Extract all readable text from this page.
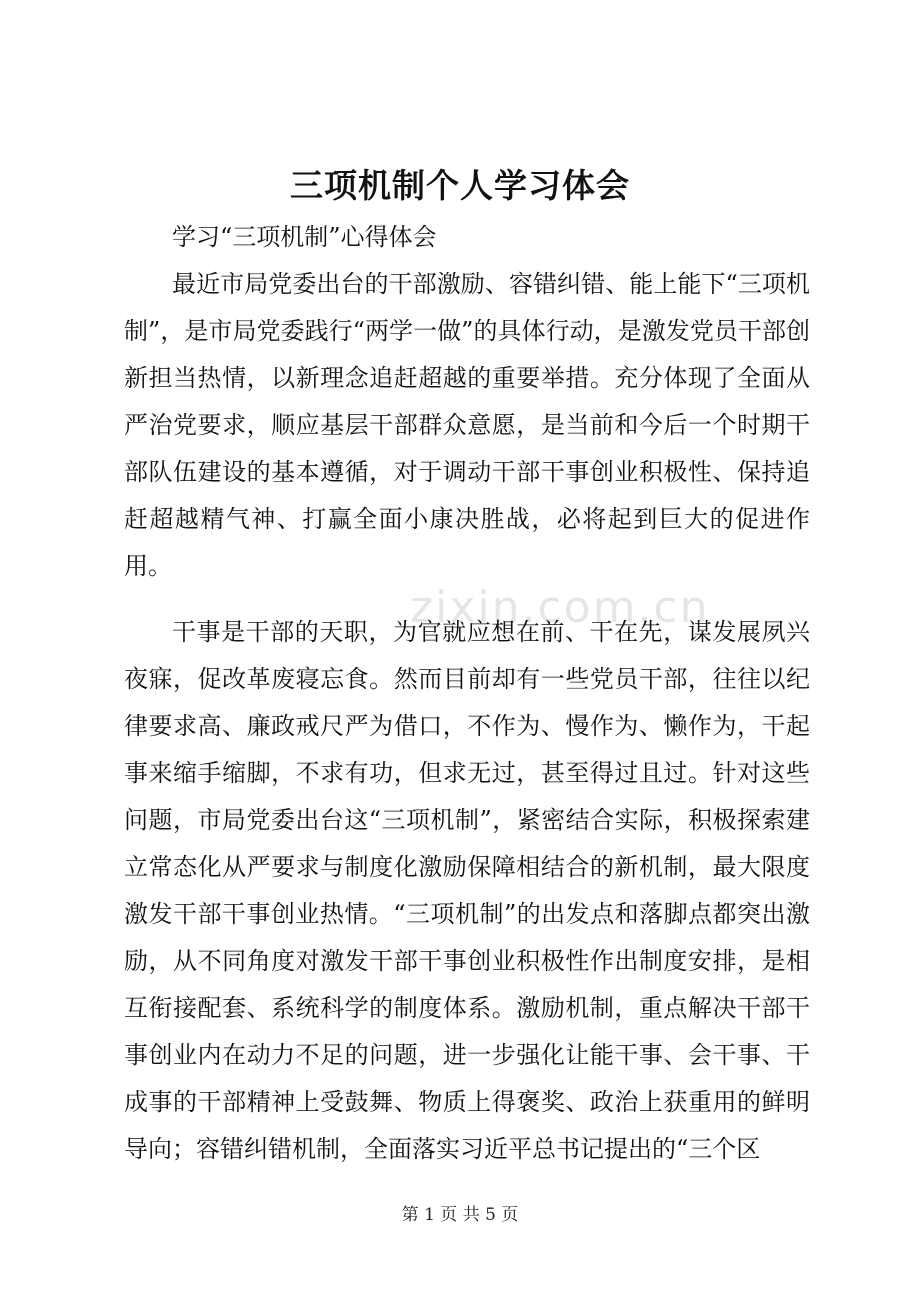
三项机制个人学习体会

学习“三项机制”心得体会

最近市局党委出台的干部激励、容错纠错、能上能下“三项机制”，是市局党委践行“两学一做”的具体行动，是激发党员干部创新担当热情，以新理念追赶超越的重要举措。充分体现了全面从严治党要求，顺应基层干部群众意愿，是当前和今后一个时期干部队伍建设的基本遵循，对于调动干部干事创业积极性、保持追赶超越精气神、打赢全面小康决胜战，必将起到巨大的促进作用。

干事是干部的天职，为官就应想在前、干在先，谋发展夙兴夜寐，促改革废寝忘食。然而目前却有一些党员干部，往往以纪律要求高、廉政戒尺严为借口，不作为、慢作为、懒作为，干起事来缩手缩脚，不求有功，但求无过，甚至得过且过。针对这些问题，市局党委出台这“三项机制”，紧密结合实际，积极探索建立常态化从严要求与制度化激励保障相结合的新机制，最大限度激发干部干事创业热情。“三项机制”的出发点和落脚点都突出激励，从不同角度对激发干部干事创业积极性作出制度安排，是相互衔接配套、系统科学的制度体系。激励机制，重点解决干部干事创业内在动力不足的问题，进一步强化让能干事、会干事、干成事的干部精神上受鼓舞、物质上得褒奖、政治上获重用的鲜明导向；容错纠错机制，全面落实习近平总书记提出的“三个区

zixin.com.cn
第 1 页 共 5 页
